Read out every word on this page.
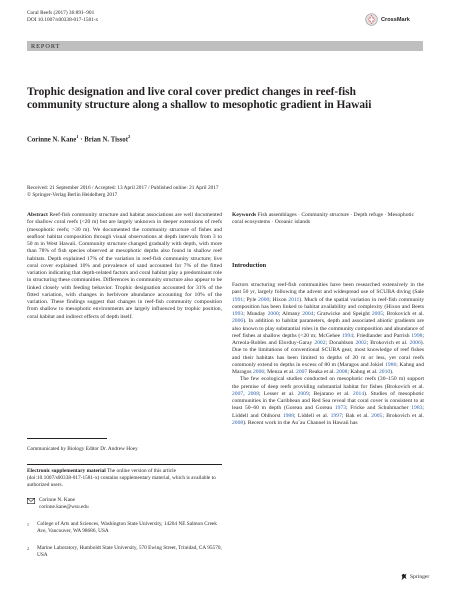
Coral Reefs (2017) 36:891–901
DOI 10.1007/s00338-017-1581-x	CrossMark
REPORT
Trophic designation and live coral cover predict changes in reef-fish community structure along a shallow to mesophotic gradient in Hawaii
Corinne N. Kane$^1$ · Brian N. Tissot$^2$
Received: 21 September 2016 / Accepted: 13 April 2017 / Published online: 21 April 2017
© Springer-Verlag Berlin Heidelberg 2017
Abstract Reef-fish community structure and habitat associations are well documented for shallow coral reefs (<20 m) but are largely unknown in deeper extensions of reefs (mesophotic reefs; >30 m). We documented the community structure of fishes and seafloor habitat composition through visual observations at depth intervals from 3 to 50 m in West Hawaii. Community structure changed gradually with depth, with more than 78% of fish species observed at mesophotic depths also found in shallow reef habitats. Depth explained 17% of the variation in reef-fish community structure; live coral cover explained 10% and prevalence of sand accounted for 7% of the fitted variation indicating that depth-related factors and coral habitat play a predominant role in structuring these communities. Differences in community structure also appear to be linked closely with feeding behavior. Trophic designation accounted for 31% of the fitted variation, with changes in herbivore abundance accounting for 10% of the variation. These findings suggest that changes in reef-fish community composition from shallow to mesophotic environments are largely influenced by trophic position, coral habitat and indirect effects of depth itself.
Communicated by Biology Editor Dr. Andrew Hoey
Electronic supplementary material The online version of this article (doi:10.1007/s00338-017-1581-x) contains supplementary material, which is available to authorized users.
Corinne N. Kane
corinne.kane@wsu.edu
1	College of Arts and Sciences, Washington State University, 14204 NE Salmon Creek Ave, Vancouver, WA 98686, USA
2	Marine Laboratory, Humboldt State University, 570 Ewing Street, Trinidad, CA 95570, USA
Keywords Fish assemblages · Community structure · Depth refuge · Mesophotic coral ecosystems · Oceanic islands
Introduction
Factors structuring reef-fish communities have been researched extensively in the past 50 yr, largely following the advent and widespread use of SCUBA diving (Sale 1991; Pyle 2000; Hixon 2011). Much of the spatial variation in reef-fish community composition has been linked to habitat availability and complexity (Hixon and Beets 1993; Munday 2000; Almany 2004; Gratwicke and Speight 2005; Brokovich et al. 2006). In addition to habitat parameters, depth and associated abiotic gradients are also known to play substantial roles in the community composition and abundance of reef fishes at shallow depths (<20 m; McGehee 1994; Friedlander and Parrish 1998; Arreola-Robles and Elorduy-Garay 2002; Donaldson 2002; Brokovich et al. 2006). Due to the limitations of conventional SCUBA gear, most knowledge of reef fishes and their habitats has been limited to depths of 20 m or less, yet coral reefs commonly extend to depths in excess of 80 m (Maragos and Jokiel 1986; Kahng and Maragos 2006; Menza et al. 2007 Reaka et al. 2008; Kahng et al. 2010).
The few ecological studies conducted on mesophotic reefs (30–150 m) support the premise of deep reefs providing substantial habitat for fishes (Brokovich et al. 2007, 2008; Lesser et al. 2009; Bejarano et al. 2014). Studies of mesophotic communities in the Caribbean and Red Sea reveal that coral cover is consistent to at least 50–60 m depth (Goreau and Goreau 1973; Fricke and Schuhmacher 1983; Liddell and Ohlhorst 1988; Liddell et al. 1997; Bak et al. 2005; Brokovich et al. 2008). Recent work in the Au`au Channel in Hawaii has
Springer
